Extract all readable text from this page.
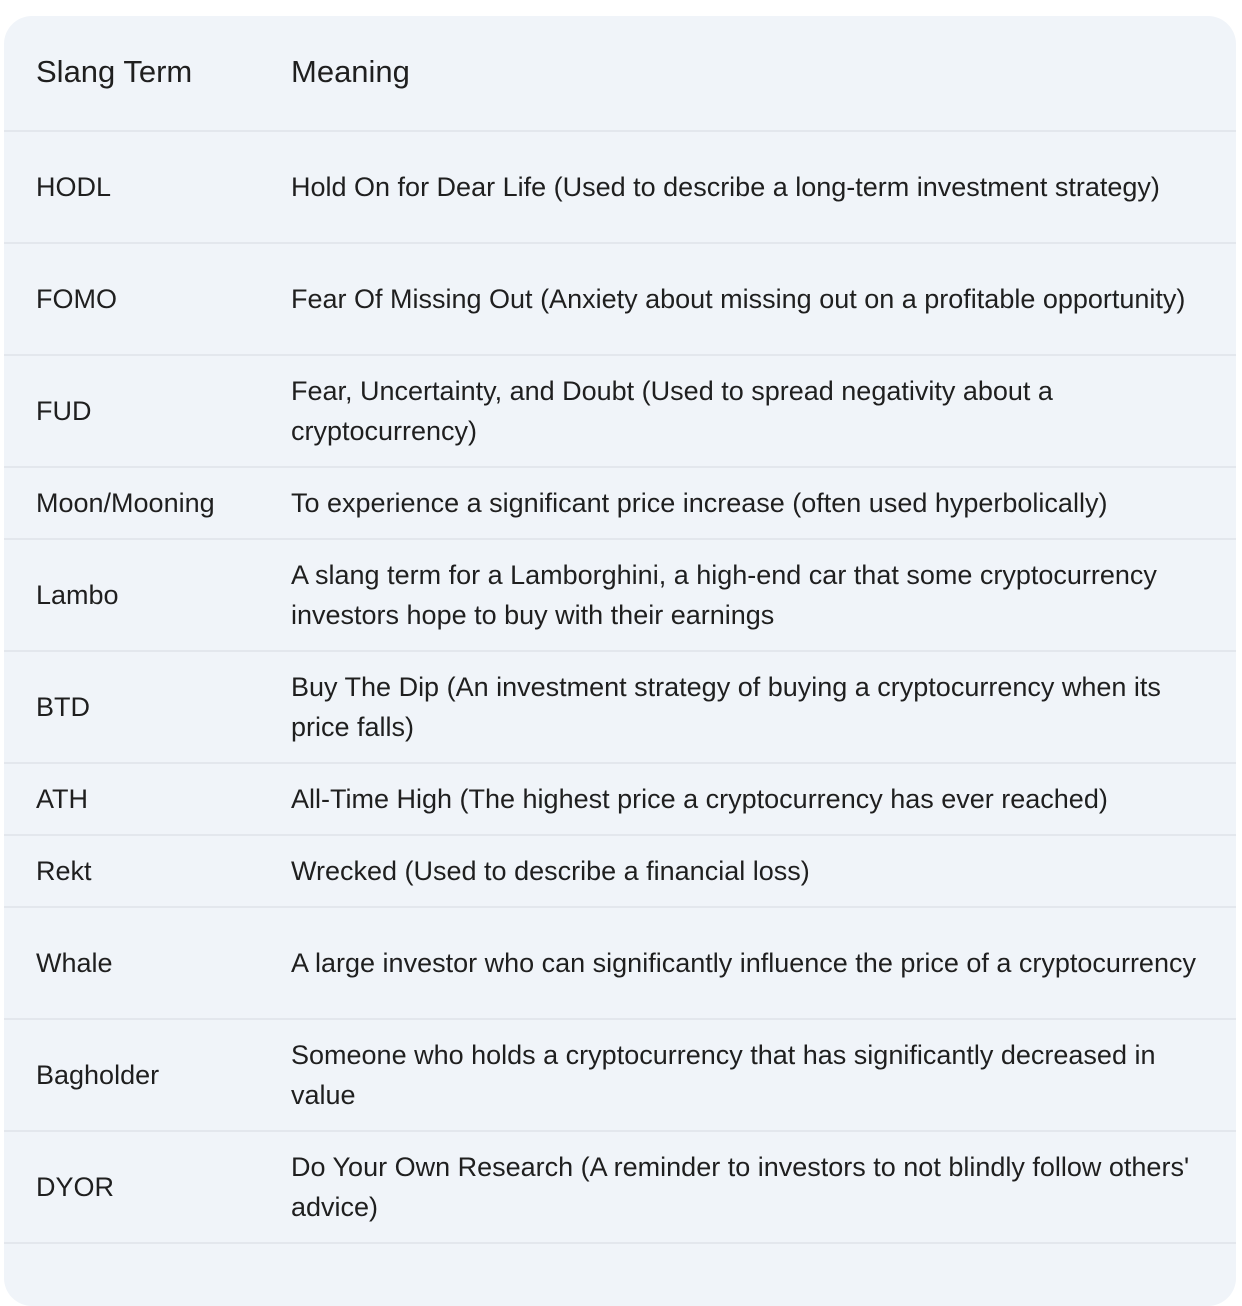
Slang Term	Meaning
HODL	Hold On for Dear Life (Used to describe a long-term investment strategy)
FOMO	Fear Of Missing Out (Anxiety about missing out on a profitable opportunity)
FUD	Fear, Uncertainty, and Doubt (Used to spread negativity about a cryptocurrency)
Moon/Mooning	To experience a significant price increase (often used hyperbolically)
Lambo	A slang term for a Lamborghini, a high-end car that some cryptocurrency investors hope to buy with their earnings
BTD	Buy The Dip (An investment strategy of buying a cryptocurrency when its price falls)
ATH	All-Time High (The highest price a cryptocurrency has ever reached)
Rekt	Wrecked (Used to describe a financial loss)
Whale	A large investor who can significantly influence the price of a cryptocurrency
Bagholder	Someone who holds a cryptocurrency that has significantly decreased in value
DYOR	Do Your Own Research (A reminder to investors to not blindly follow others' advice)
